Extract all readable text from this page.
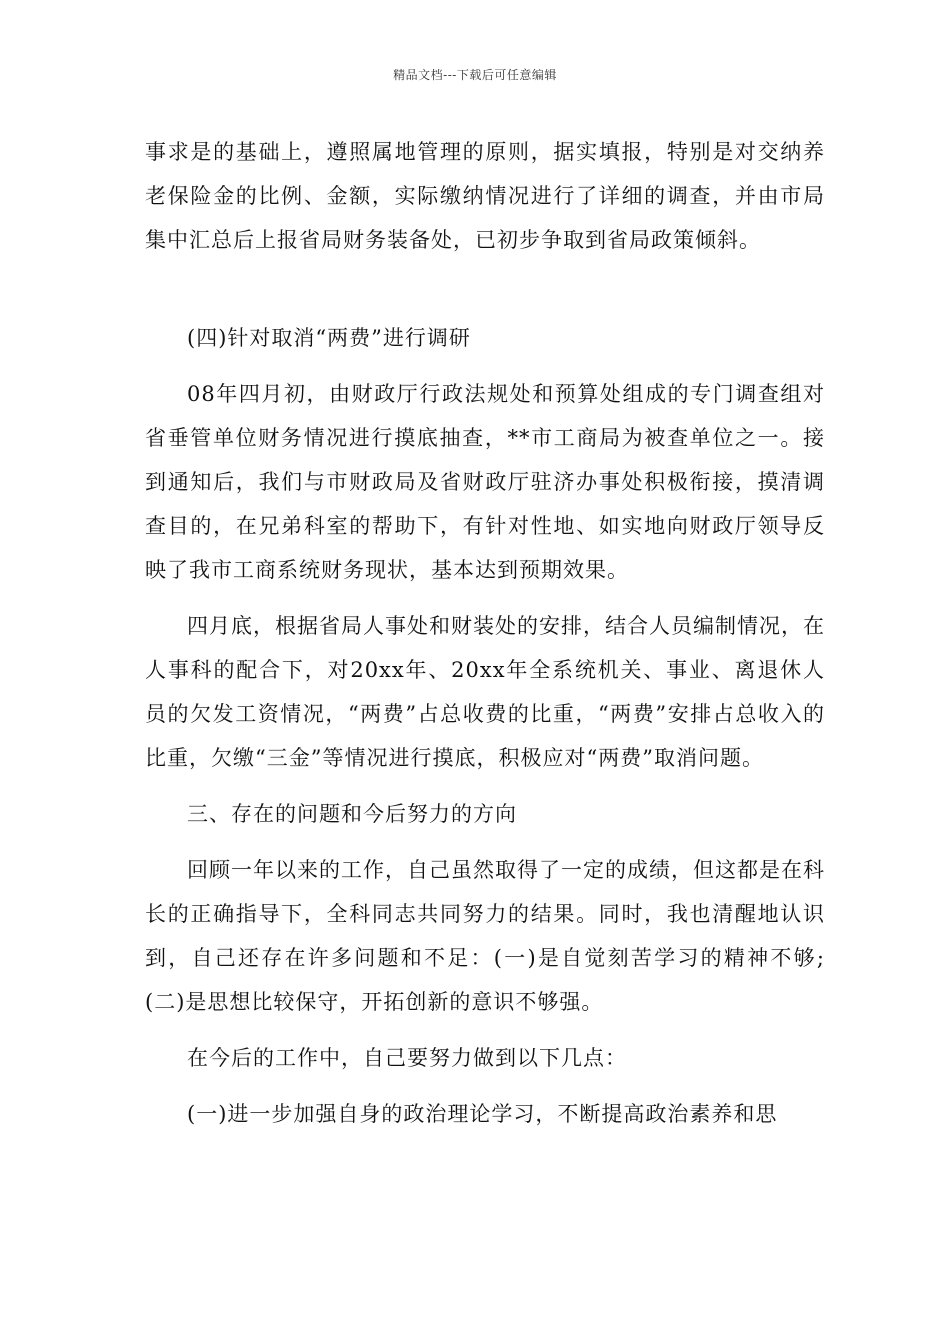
精品文档---下载后可任意编辑

事求是的基础上，遵照属地管理的原则，据实填报，特别是对交纳养老保险金的比例、金额，实际缴纳情况进行了详细的调查，并由市局集中汇总后上报省局财务装备处，已初步争取到省局政策倾斜。

(四)针对取消“两费”进行调研

08年四月初，由财政厅行政法规处和预算处组成的专门调查组对省垂管单位财务情况进行摸底抽查，**市工商局为被查单位之一。接到通知后，我们与市财政局及省财政厅驻济办事处积极衔接，摸清调查目的，在兄弟科室的帮助下，有针对性地、如实地向财政厅领导反映了我市工商系统财务现状，基本达到预期效果。

四月底，根据省局人事处和财装处的安排，结合人员编制情况，在人事科的配合下，对20xx年、20xx年全系统机关、事业、离退休人员的欠发工资情况，“两费”占总收费的比重，“两费”安排占总收入的比重，欠缴“三金”等情况进行摸底，积极应对“两费”取消问题。

三、存在的问题和今后努力的方向

回顾一年以来的工作，自己虽然取得了一定的成绩，但这都是在科长的正确指导下，全科同志共同努力的结果。同时，我也清醒地认识到，自己还存在许多问题和不足：(一)是自觉刻苦学习的精神不够;(二)是思想比较保守，开拓创新的意识不够强。

在今后的工作中，自己要努力做到以下几点：

(一)进一步加强自身的政治理论学习，不断提高政治素养和思
